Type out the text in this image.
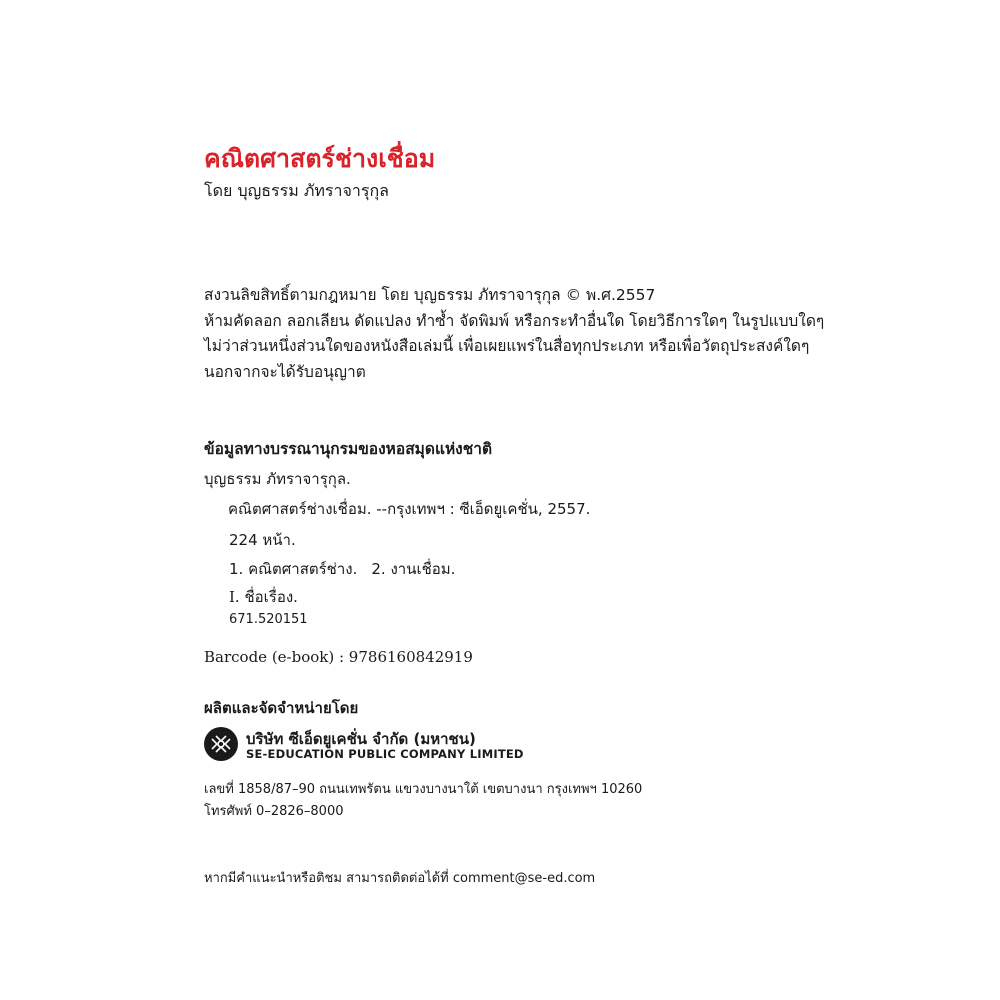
คณิตศาสตร์ช่างเชื่อม
โดย บุญธรรม ภัทราจารุกุล
สงวนลิขสิทธิ์ตามกฎหมาย โดย บุญธรรม ภัทราจารุกุล © พ.ศ.2557
ห้ามคัดลอก ลอกเลียน ดัดแปลง ทำซ้ำ จัดพิมพ์ หรือกระทำอื่นใด โดยวิธีการใดๆ ในรูปแบบใดๆ
ไม่ว่าส่วนหนึ่งส่วนใดของหนังสือเล่มนี้ เพื่อเผยแพร่ในสื่อทุกประเภท หรือเพื่อวัตถุประสงค์ใดๆ
นอกจากจะได้รับอนุญาต
ข้อมูลทางบรรณานุกรมของหอสมุดแห่งชาติ
บุญธรรม ภัทราจารุกุล.
คณิตศาสตร์ช่างเชื่อม. --กรุงเทพฯ : ซีเอ็ดยูเคชั่น, 2557.
224 หน้า.
1. คณิตศาสตร์ช่าง. 2. งานเชื่อม.
I. ชื่อเรื่อง.
671.520151
Barcode (e-book) : 9786160842919
ผลิตและจัดจำหน่ายโดย
บริษัท ซีเอ็ดยูเคชั่น จำกัด (มหาชน)
SE-EDUCATION PUBLIC COMPANY LIMITED
เลขที่ 1858/87–90 ถนนเทพรัตน แขวงบางนาใต้ เขตบางนา กรุงเทพฯ 10260
โทรศัพท์ 0–2826–8000
หากมีคำแนะนำหรือติชม สามารถติดต่อได้ที่ comment@se-ed.com
